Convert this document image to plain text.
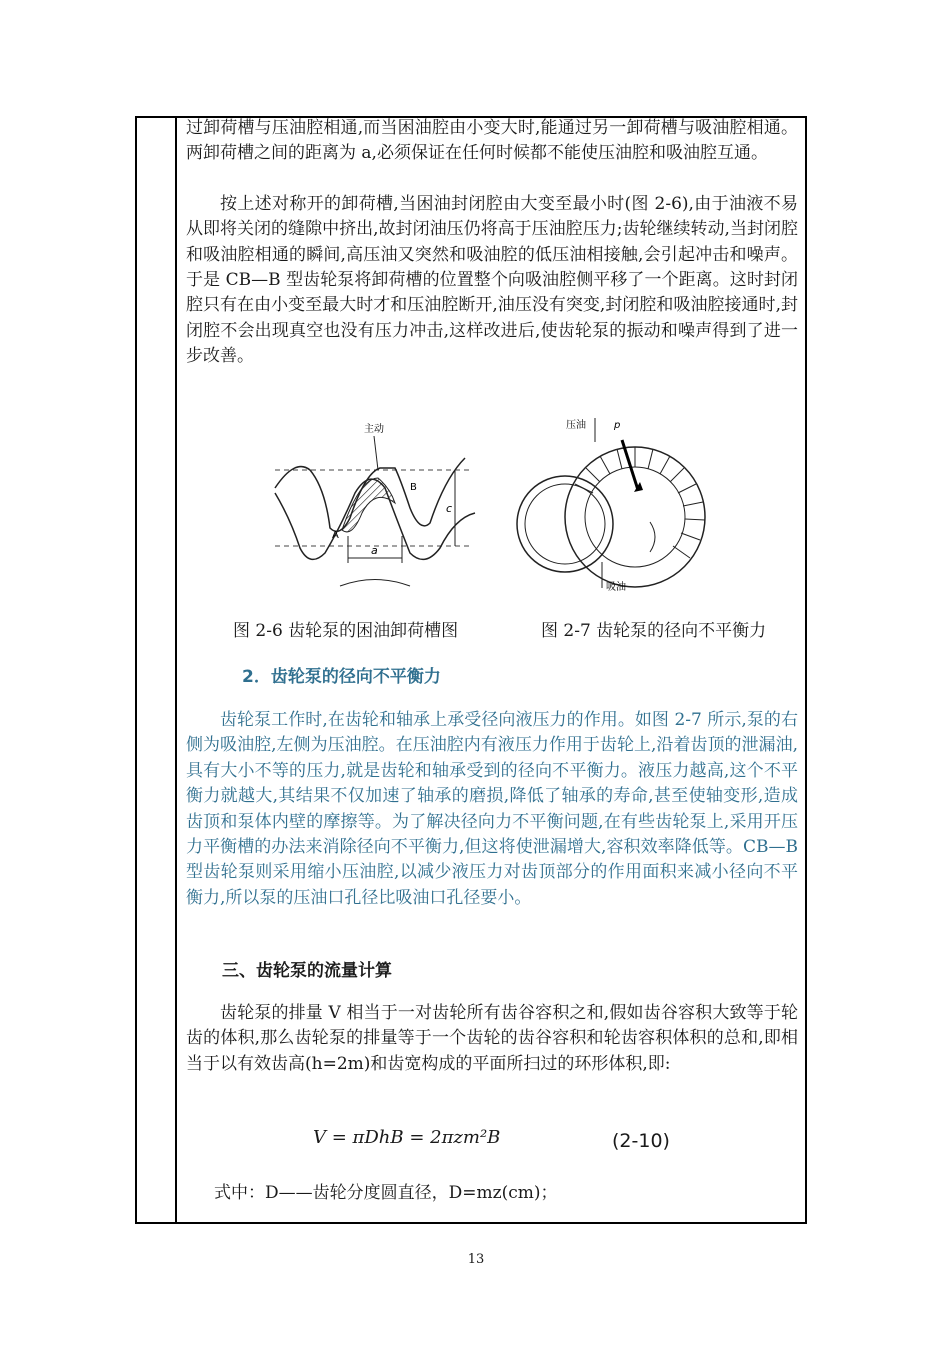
过卸荷槽与压油腔相通,而当困油腔由小变大时,能通过另一卸荷槽与吸油腔相通。两卸荷槽之间的距离为 a,必须保证在任何时候都不能使压油腔和吸油腔互通。

按上述对称开的卸荷槽,当困油封闭腔由大变至最小时(图 2-6),由于油液不易从即将关闭的缝隙中挤出,故封闭油压仍将高于压油腔压力;齿轮继续转动,当封闭腔和吸油腔相通的瞬间,高压油又突然和吸油腔的低压油相接触,会引起冲击和噪声。于是 CB—B 型齿轮泵将卸荷槽的位置整个向吸油腔侧平移了一个距离。这时封闭腔只有在由小变至最大时才和压油腔断开,油压没有突变,封闭腔和吸油腔接通时,封闭腔不会出现真空也没有压力冲击,这样改进后,使齿轮泵的振动和噪声得到了进一步改善。

主动
A
B
c
a
压油	p
吸油
图 2-6 齿轮泵的困油卸荷槽图	图 2-7 齿轮泵的径向不平衡力
2．齿轮泵的径向不平衡力

齿轮泵工作时,在齿轮和轴承上承受径向液压力的作用。如图 2-7 所示,泵的右侧为吸油腔,左侧为压油腔。在压油腔内有液压力作用于齿轮上,沿着齿顶的泄漏油,具有大小不等的压力,就是齿轮和轴承受到的径向不平衡力。液压力越高,这个不平衡力就越大,其结果不仅加速了轴承的磨损,降低了轴承的寿命,甚至使轴变形,造成齿顶和泵体内壁的摩擦等。为了解决径向力不平衡问题,在有些齿轮泵上,采用开压力平衡槽的办法来消除径向不平衡力,但这将使泄漏增大,容积效率降低等。CB—B 型齿轮泵则采用缩小压油腔,以减少液压力对齿顶部分的作用面积来减小径向不平衡力,所以泵的压油口孔径比吸油口孔径要小。

三、齿轮泵的流量计算

齿轮泵的排量 V 相当于一对齿轮所有齿谷容积之和,假如齿谷容积大致等于轮齿的体积,那么齿轮泵的排量等于一个齿轮的齿谷容积和轮齿容积体积的总和,即相当于以有效齿高(h=2m)和齿宽构成的平面所扫过的环形体积,即:

V = πDhB = 2πzm²B	(2-10)
式中：D——齿轮分度圆直径，D=mz(cm)；
13
